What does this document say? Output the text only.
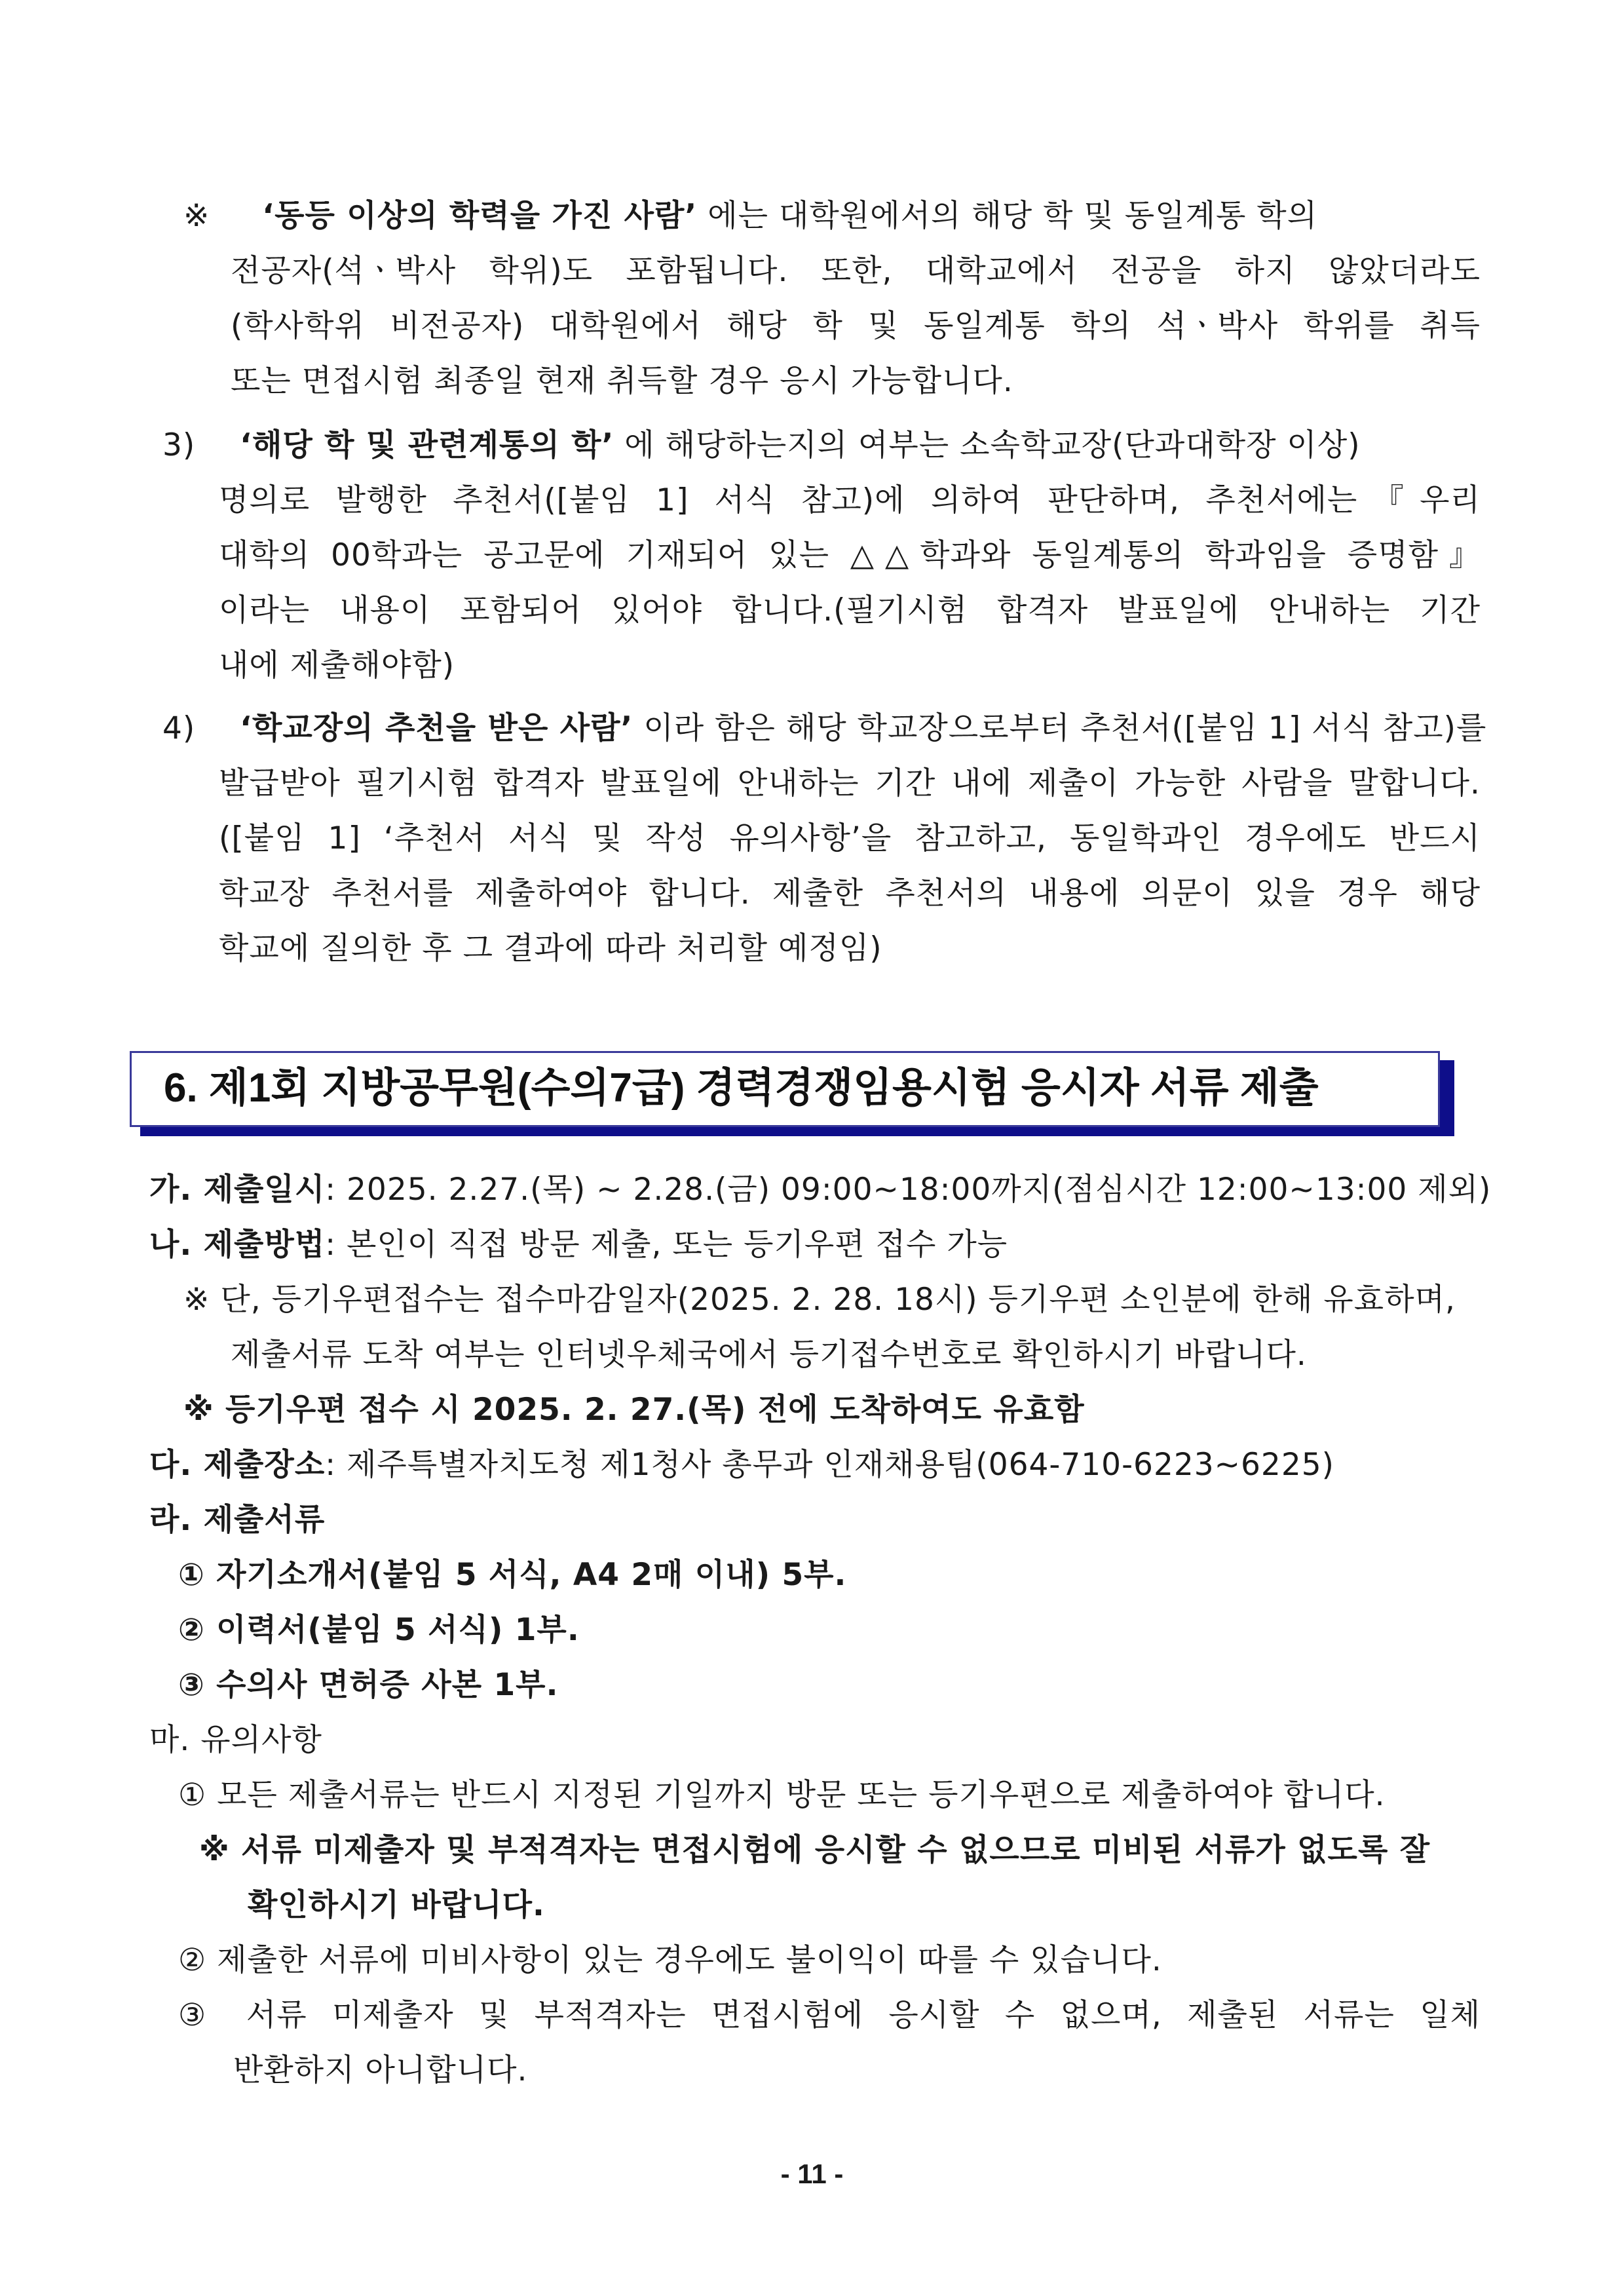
※ ‘동등 이상의 학력을 가진 사람’ 에는 대학원에서의 해당 학 및 동일계통 학의
전공자(석ㆍ박사 학위)도 포함됩니다. 또한, 대학교에서 전공을 하지 않았더라도
(학사학위 비전공자) 대학원에서 해당 학 및 동일계통 학의 석ㆍ박사 학위를 취득
또는 면접시험 최종일 현재 취득할 경우 응시 가능합니다.
3) ‘해당 학 및 관련계통의 학’ 에 해당하는지의 여부는 소속학교장(단과대학장 이상)
명의로 발행한 추천서([붙임 1] 서식 참고)에 의하여 판단하며, 추천서에는『우리
대학의 00학과는 공고문에 기재되어 있는 △△학과와 동일계통의 학과임을 증명함』
이라는 내용이 포함되어 있어야 합니다.(필기시험 합격자 발표일에 안내하는 기간
내에 제출해야함)
4) ‘학교장의 추천을 받은 사람’ 이라 함은 해당 학교장으로부터 추천서([붙임 1] 서식 참고)를
발급받아 필기시험 합격자 발표일에 안내하는 기간 내에 제출이 가능한 사람을 말합니다.
([붙임 1] ‘추천서 서식 및 작성 유의사항’을 참고하고, 동일학과인 경우에도 반드시
학교장 추천서를 제출하여야 합니다. 제출한 추천서의 내용에 의문이 있을 경우 해당
학교에 질의한 후 그 결과에 따라 처리할 예정임)
6. 제1회 지방공무원(수의7급) 경력경쟁임용시험 응시자 서류 제출
가. 제출일시: 2025. 2.27.(목) ~ 2.28.(금) 09:00~18:00까지(점심시간 12:00~13:00 제외)
나. 제출방법: 본인이 직접 방문 제출, 또는 등기우편 접수 가능
※ 단, 등기우편접수는 접수마감일자(2025. 2. 28. 18시) 등기우편 소인분에 한해 유효하며,
제출서류 도착 여부는 인터넷우체국에서 등기접수번호로 확인하시기 바랍니다.
※ 등기우편 접수 시 2025. 2. 27.(목) 전에 도착하여도 유효함
다. 제출장소: 제주특별자치도청 제1청사 총무과 인재채용팀(064-710-6223~6225)
라. 제출서류
① 자기소개서(붙임 5 서식, A4 2매 이내) 5부.
② 이력서(붙임 5 서식) 1부.
③ 수의사 면허증 사본 1부.
마. 유의사항
① 모든 제출서류는 반드시 지정된 기일까지 방문 또는 등기우편으로 제출하여야 합니다.
※ 서류 미제출자 및 부적격자는 면접시험에 응시할 수 없으므로 미비된 서류가 없도록 잘
확인하시기 바랍니다.
② 제출한 서류에 미비사항이 있는 경우에도 불이익이 따를 수 있습니다.
③ 서류 미제출자 및 부적격자는 면접시험에 응시할 수 없으며, 제출된 서류는 일체
반환하지 아니합니다.
- 11 -
